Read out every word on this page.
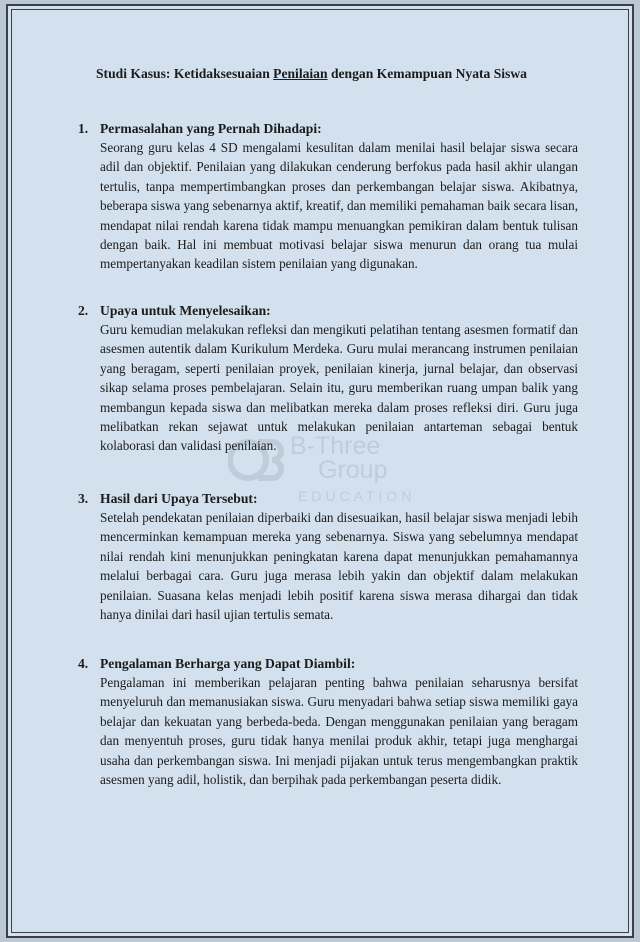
B-Three
Group
EDUCATION
Studi Kasus: Ketidaksesuaian Penilaian dengan Kemampuan Nyata Siswa
1. Permasalahan yang Pernah Dihadapi:
Seorang guru kelas 4 SD mengalami kesulitan dalam menilai hasil belajar siswa secara adil dan objektif. Penilaian yang dilakukan cenderung berfokus pada hasil akhir ulangan tertulis, tanpa mempertimbangkan proses dan perkembangan belajar siswa. Akibatnya, beberapa siswa yang sebenarnya aktif, kreatif, dan memiliki pemahaman baik secara lisan, mendapat nilai rendah karena tidak mampu menuangkan pemikiran dalam bentuk tulisan dengan baik. Hal ini membuat motivasi belajar siswa menurun dan orang tua mulai mempertanyakan keadilan sistem penilaian yang digunakan.
2. Upaya untuk Menyelesaikan:
Guru kemudian melakukan refleksi dan mengikuti pelatihan tentang asesmen formatif dan asesmen autentik dalam Kurikulum Merdeka. Guru mulai merancang instrumen penilaian yang beragam, seperti penilaian proyek, penilaian kinerja, jurnal belajar, dan observasi sikap selama proses pembelajaran. Selain itu, guru memberikan ruang umpan balik yang membangun kepada siswa dan melibatkan mereka dalam proses refleksi diri. Guru juga melibatkan rekan sejawat untuk melakukan penilaian antarteman sebagai bentuk kolaborasi dan validasi penilaian.
3. Hasil dari Upaya Tersebut:
Setelah pendekatan penilaian diperbaiki dan disesuaikan, hasil belajar siswa menjadi lebih mencerminkan kemampuan mereka yang sebenarnya. Siswa yang sebelumnya mendapat nilai rendah kini menunjukkan peningkatan karena dapat menunjukkan pemahamannya melalui berbagai cara. Guru juga merasa lebih yakin dan objektif dalam melakukan penilaian. Suasana kelas menjadi lebih positif karena siswa merasa dihargai dan tidak hanya dinilai dari hasil ujian tertulis semata.
4. Pengalaman Berharga yang Dapat Diambil:
Pengalaman ini memberikan pelajaran penting bahwa penilaian seharusnya bersifat menyeluruh dan memanusiakan siswa. Guru menyadari bahwa setiap siswa memiliki gaya belajar dan kekuatan yang berbeda-beda. Dengan menggunakan penilaian yang beragam dan menyentuh proses, guru tidak hanya menilai produk akhir, tetapi juga menghargai usaha dan perkembangan siswa. Ini menjadi pijakan untuk terus mengembangkan praktik asesmen yang adil, holistik, dan berpihak pada perkembangan peserta didik.
